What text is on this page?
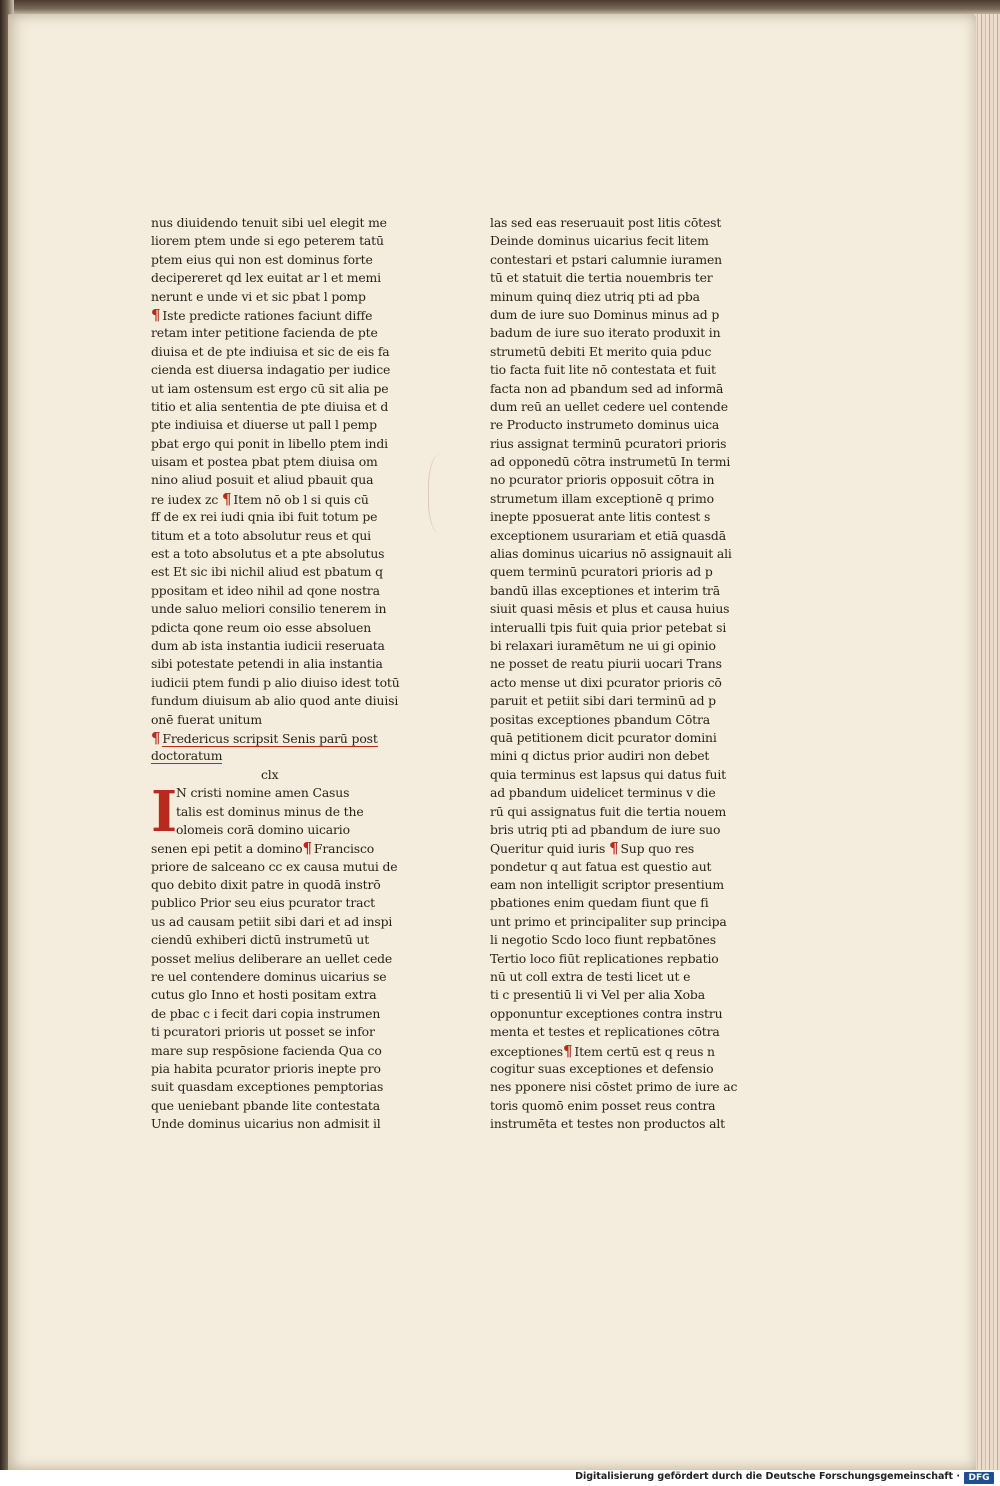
nus diuidendo tenuit sibi uel elegit me
liorem ptem unde si ego peterem tatū
ptem eius qui non est dominus forte
decipereret qd lex euitat ar l et memi
nerunt e unde vi et sic pbat l pomp
¶ Iste predicte rationes faciunt diffe
retam inter petitione facienda de pte
diuisa et de pte indiuisa et sic de eis fa
cienda est diuersa indagatio per iudice
ut iam ostensum est ergo cū sit alia pe
titio et alia sententia de pte diuisa et d
pte indiuisa et diuerse ut pall l pemp
pbat ergo qui ponit in libello ptem indi
uisam et postea pbat ptem diuisa om
nino aliud posuit et aliud pbauit qua
re iudex zc ¶ Item nō ob l si quis cū
ff de ex rei iudi qnia ibi fuit totum pe
titum et a toto absolutur reus et qui
est a toto absolutus et a pte absolutus
est Et sic ibi nichil aliud est pbatum q
ppositam et ideo nihil ad qone nostra
unde saluo meliori consilio tenerem in
pdicta qone reum oio esse absoluen
dum ab ista instantia iudicii reseruata
sibi potestate petendi in alia instantia
iudicii ptem fundi p alio diuiso idest totū
fundum diuisum ab alio quod ante diuisi
onē fuerat unitum
¶ Fredericus scripsit Senis parū post
doctoratum
clx
I
N cristi nomine amen Casus
talis est dominus minus de the
olomeis corā domino uicario
senen epi petit a domino¶ Francisco
priore de salceano cc ex causa mutui de
quo debito dixit patre in quodā instrō
publico Prior seu eius pcurator tract
us ad causam petiit sibi dari et ad inspi
ciendū exhiberi dictū instrumetū ut
posset melius deliberare an uellet cede
re uel contendere dominus uicarius se
cutus glo Inno et hosti positam extra
de pbac c i fecit dari copia instrumen
ti pcuratori prioris ut posset se infor
mare sup respōsione facienda Qua co
pia habita pcurator prioris inepte pro
suit quasdam exceptiones pemptorias
que ueniebant pbande lite contestata
Unde dominus uicarius non admisit il
las sed eas reseruauit post litis cōtest
Deinde dominus uicarius fecit litem
contestari et pstari calumnie iuramen
tū et statuit die tertia nouembris ter
minum quinq diez utriq pti ad pba
dum de iure suo Dominus minus ad p
badum de iure suo iterato produxit in
strumetū debiti Et merito quia pduc
tio facta fuit lite nō contestata et fuit
facta non ad pbandum sed ad informā
dum reū an uellet cedere uel contende
re Producto instrumeto dominus uica
rius assignat terminū pcuratori prioris
ad opponedū cōtra instrumetū In termi
no pcurator prioris opposuit cōtra in
strumetum illam exceptionē q primo
inepte pposuerat ante litis contest s
exceptionem usurariam et etiā quasdā
alias dominus uicarius nō assignauit ali
quem terminū pcuratori prioris ad p
bandū illas exceptiones et interim trā
siuit quasi mēsis et plus et causa huius
interualli tpis fuit quia prior petebat si
bi relaxari iuramētum ne ui gi opinio
ne posset de reatu piurii uocari Trans
acto mense ut dixi pcurator prioris cō
paruit et petiit sibi dari terminū ad p
positas exceptiones pbandum Cōtra
quā petitionem dicit pcurator domini
mini q dictus prior audiri non debet
quia terminus est lapsus qui datus fuit
ad pbandum uidelicet terminus v die
rū qui assignatus fuit die tertia nouem
bris utriq pti ad pbandum de iure suo
Queritur quid iuris ¶ Sup quo res
pondetur q aut fatua est questio aut
eam non intelligit scriptor presentium
pbationes enim quedam fiunt que fi
unt primo et principaliter sup principa
li negotio Scdo loco fiunt repbatōnes
Tertio loco fiūt replicationes repbatio
nū ut coll extra de testi licet ut e
ti c presentiū li vi Vel per alia Xoba
opponuntur exceptiones contra instru
menta et testes et replicationes cōtra
exceptiones¶ Item certū est q reus n
cogitur suas exceptiones et defensio
nes pponere nisi cōstet primo de iure ac
toris quomō enim posset reus contra
instrumēta et testes non productos alt
Digitalisierung gefördert durch die Deutsche Forschungsgemeinschaft · DFG
